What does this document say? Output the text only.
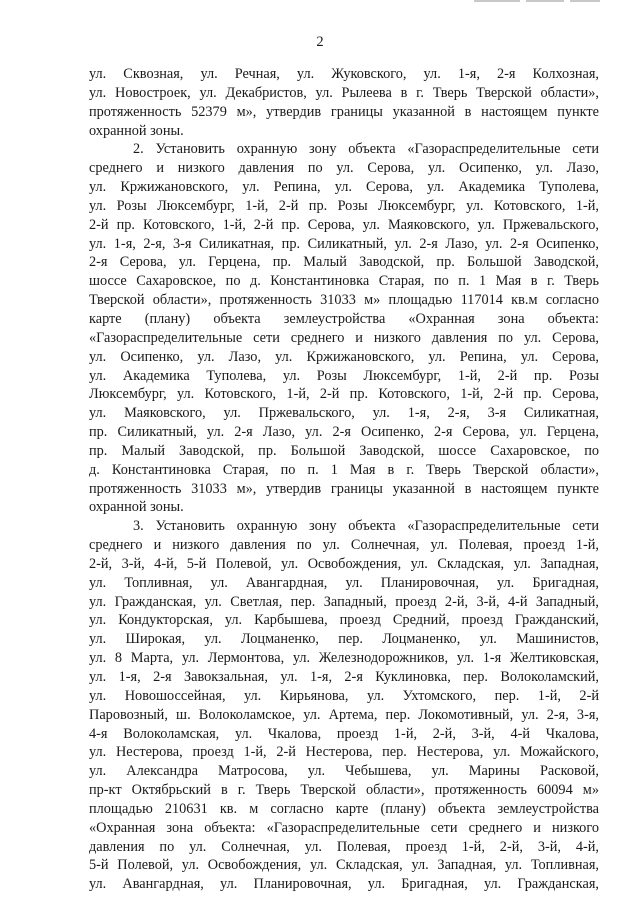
2
ул. Сквозная, ул. Речная, ул. Жуковского, ул. 1-я, 2-я Колхозная,
ул. Новостроек, ул. Декабристов, ул. Рылеева в г. Тверь Тверской области»,
протяженность 52379 м», утвердив границы указанной в настоящем пункте
охранной зоны.
2. Установить охранную зону объекта «Газораспределительные сети
среднего и низкого давления по ул. Серова, ул. Осипенко, ул. Лазо,
ул. Кржижановского, ул. Репина, ул. Серова, ул. Академика Туполева,
ул. Розы Люксембург, 1-й, 2-й пр. Розы Люксембург, ул. Котовского, 1-й,
2-й пр. Котовского, 1-й, 2-й пр. Серова, ул. Маяковского, ул. Пржевальского,
ул. 1-я, 2-я, 3-я Силикатная, пр. Силикатный, ул. 2-я Лазо, ул. 2-я Осипенко,
2-я Серова, ул. Герцена, пр. Малый Заводской, пр. Большой Заводской,
шоссе Сахаровское, по д. Константиновка Старая, по п. 1 Мая в г. Тверь
Тверской области», протяженность 31033 м» площадью 117014 кв.м согласно
карте (плану) объекта землеустройства «Охранная зона объекта:
«Газораспределительные сети среднего и низкого давления по ул. Серова,
ул. Осипенко, ул. Лазо, ул. Кржижановского, ул. Репина, ул. Серова,
ул. Академика Туполева, ул. Розы Люксембург, 1-й, 2-й пр. Розы
Люксембург, ул. Котовского, 1-й, 2-й пр. Котовского, 1-й, 2-й пр. Серова,
ул. Маяковского, ул. Пржевальского, ул. 1-я, 2-я, 3-я Силикатная,
пр. Силикатный, ул. 2-я Лазо, ул. 2-я Осипенко, 2-я Серова, ул. Герцена,
пр. Малый Заводской, пр. Большой Заводской, шоссе Сахаровское, по
д. Константиновка Старая, по п. 1 Мая в г. Тверь Тверской области»,
протяженность 31033 м», утвердив границы указанной в настоящем пункте
охранной зоны.
3. Установить охранную зону объекта «Газораспределительные сети
среднего и низкого давления по ул. Солнечная, ул. Полевая, проезд 1-й,
2-й, 3-й, 4-й, 5-й Полевой, ул. Освобождения, ул. Складская, ул. Западная,
ул. Топливная, ул. Авангардная, ул. Планировочная, ул. Бригадная,
ул. Гражданская, ул. Светлая, пер. Западный, проезд 2-й, 3-й, 4-й Западный,
ул. Кондукторская, ул. Карбышева, проезд Средний, проезд Гражданский,
ул. Широкая, ул. Лоцманенко, пер. Лоцманенко, ул. Машинистов,
ул. 8 Марта, ул. Лермонтова, ул. Железнодорожников, ул. 1-я Желтиковская,
ул. 1-я, 2-я Завокзальная, ул. 1-я, 2-я Куклиновка, пер. Волоколамский,
ул. Новошоссейная, ул. Кирьянова, ул. Ухтомского, пер. 1-й, 2-й
Паровозный, ш. Волоколамское, ул. Артема, пер. Локомотивный, ул. 2-я, 3-я,
4-я Волоколамская, ул. Чкалова, проезд 1-й, 2-й, 3-й, 4-й Чкалова,
ул. Нестерова, проезд 1-й, 2-й Нестерова, пер. Нестерова, ул. Можайского,
ул. Александра Матросова, ул. Чебышева, ул. Марины Расковой,
пр-кт Октябрьский в г. Тверь Тверской области», протяженность 60094 м»
площадью 210631 кв. м согласно карте (плану) объекта землеустройства
«Охранная зона объекта: «Газораспределительные сети среднего и низкого
давления по ул. Солнечная, ул. Полевая, проезд 1-й, 2-й, 3-й, 4-й,
5-й Полевой, ул. Освобождения, ул. Складская, ул. Западная, ул. Топливная,
ул. Авангардная, ул. Планировочная, ул. Бригадная, ул. Гражданская,
